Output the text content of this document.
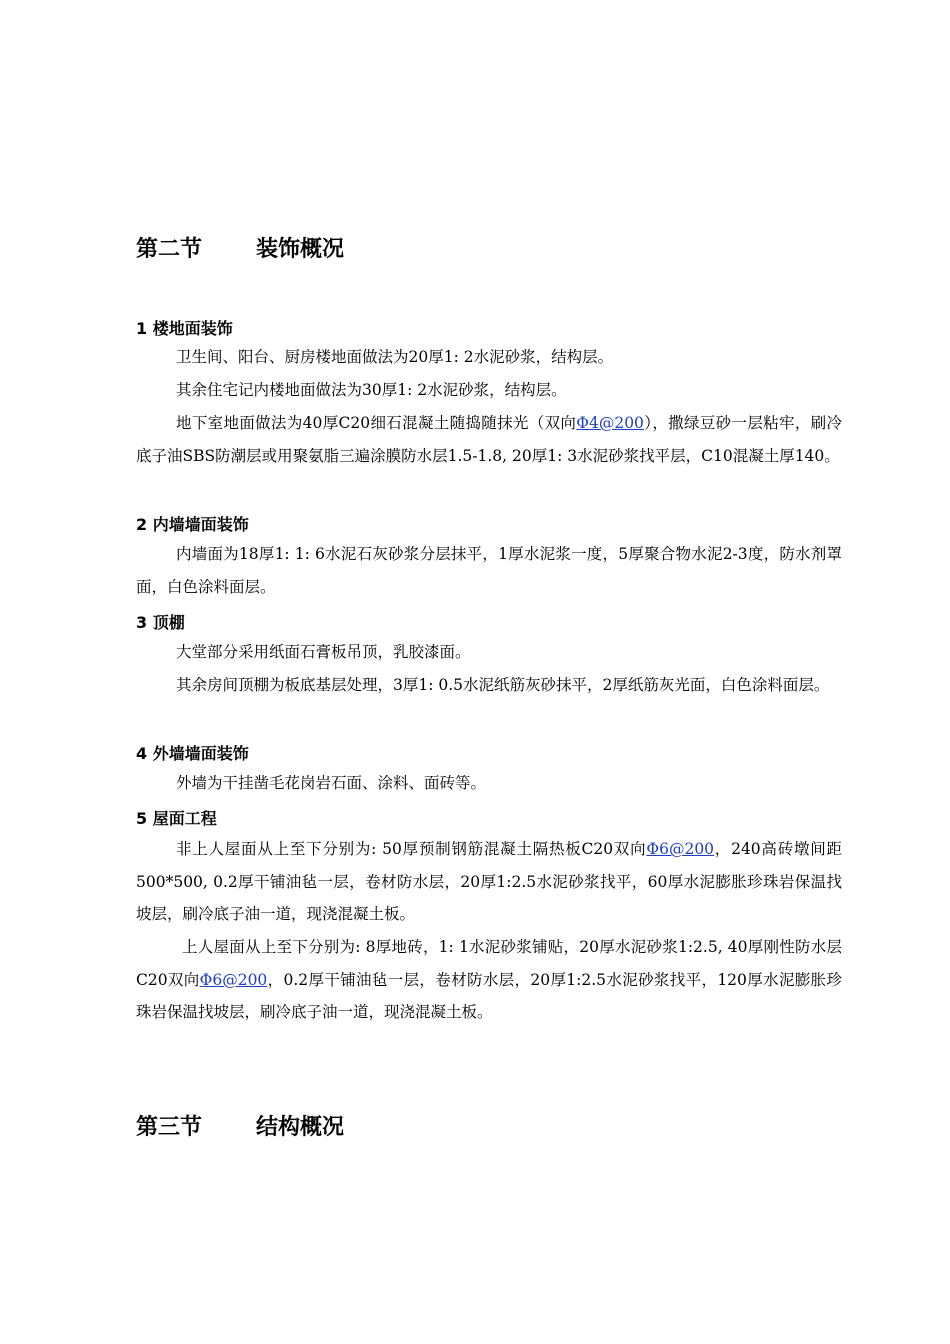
第二节 装饰概况
1 楼地面装饰

卫生间、阳台、厨房楼地面做法为20厚1: 2水泥砂浆，结构层。

其余住宅记内楼地面做法为30厚1: 2水泥砂浆，结构层。

地下室地面做法为40厚C20细石混凝土随捣随抹光（双向Φ4@200），撒绿豆砂一层粘牢，刷冷底子油SBS防潮层或用聚氨脂三遍涂膜防水层1.5-1.8, 20厚1: 3水泥砂浆找平层，C10混凝土厚140。

2 内墙墙面装饰

内墙面为18厚1: 1: 6水泥石灰砂浆分层抹平，1厚水泥浆一度，5厚聚合物水泥2-3度，防水剂罩面，白色涂料面层。

3 顶棚

大堂部分采用纸面石膏板吊顶，乳胶漆面。

其余房间顶棚为板底基层处理，3厚1: 0.5水泥纸筋灰砂抹平，2厚纸筋灰光面，白色涂料面层。

4 外墙墙面装饰

外墙为干挂凿毛花岗岩石面、涂料、面砖等。

5 屋面工程

非上人屋面从上至下分别为: 50厚预制钢筋混凝土隔热板C20双向Φ6@200，240高砖墩间距500*500, 0.2厚干铺油毡一层，卷材防水层，20厚1:2.5水泥砂浆找平，60厚水泥膨胀珍珠岩保温找坡层，刷冷底子油一道，现浇混凝土板。

上人屋面从上至下分别为: 8厚地砖，1: 1水泥砂浆铺贴，20厚水泥砂浆1:2.5, 40厚刚性防水层C20双向Φ6@200，0.2厚干铺油毡一层，卷材防水层，20厚1:2.5水泥砂浆找平，120厚水泥膨胀珍珠岩保温找坡层，刷冷底子油一道，现浇混凝土板。

第三节 结构概况
